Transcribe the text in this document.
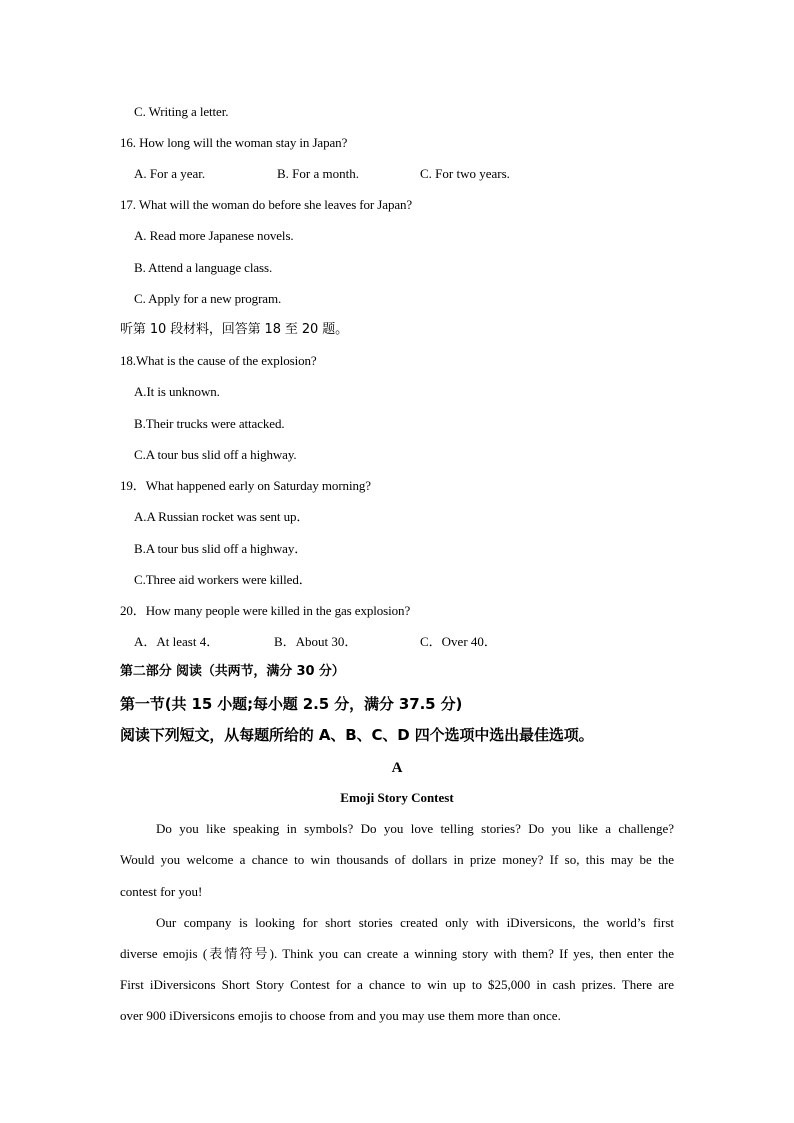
C. Writing a letter.
16. How long will the woman stay in Japan?
A. For a year.	B. For a month.	C. For two years.
17. What will the woman do before she leaves for Japan?
A. Read more Japanese novels.
B. Attend a language class.
C. Apply for a new program.
听第 10 段材料，回答第 18 至 20 题。
18.What is the cause of the explosion?
A.It is unknown.
B.Their trucks were attacked.
C.A tour bus slid off a highway.
19．What happened early on Saturday morning?
A.A Russian rocket was sent up．
B.A tour bus slid off a highway．
C.Three aid workers were killed．
20．How many people were killed in the gas explosion?
A．At least 4．	B．About 30．	C．Over 40．
第二部分 阅读（共两节，满分 30 分）
第一节(共 15 小题;每小题 2.5 分，满分 37.5 分)
阅读下列短文，从每题所给的 A、B、C、D 四个选项中选出最佳选项。
A
Emoji Story Contest
Do you like speaking in symbols? Do you love telling stories? Do you like a challenge?
Would you welcome a chance to win thousands of dollars in prize money? If so, this may be the
contest for you!
Our company is looking for short stories created only with iDiversicons, the world’s first
diverse emojis (表情符号). Think you can create a winning story with them? If yes, then enter the
First iDiversicons Short Story Contest for a chance to win up to $25,000 in cash prizes. There are
over 900 iDiversicons emojis to choose from and you may use them more than once.
